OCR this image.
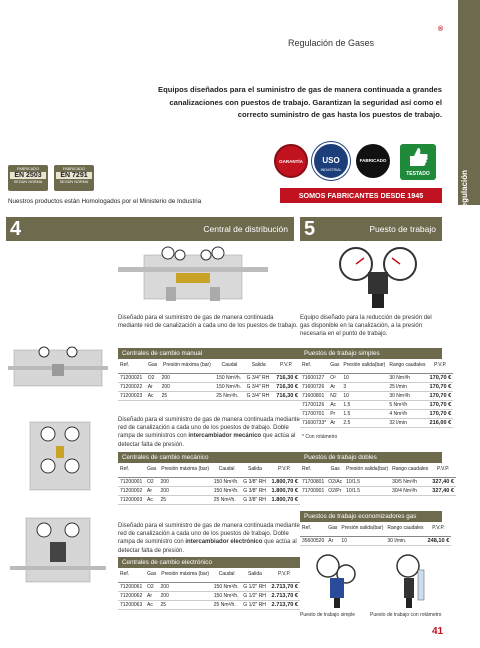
Regulación
®
Regulación de Gases
Equipos diseñados para el suministro de gas de manera continuada a grandes canalizaciones con puestos de trabajo. Garantizan la seguridad así como el correcto suministro de gas hasta los puestos de trabajo.
FABRICADO
EN 2503
SEGÚN NORMAFABRICADO
EN 7291
SEGÚN NORMA
Nuestros productos están Homologados por el Ministerio de Industria
GARANTÍA	USO
INDUSTRIAL
FABRICADO
TESTADO
SOMOS FABRICANTES DESDE 1945
4	Central de distribución 5	Puesto de trabajo
Diseñado para el suministro de gas de manera continuada mediante red de canalización a cada uno de los puestos de trabajo.
Centrales de cambio manual
Ref.	Gas	Presión máxima (bar)	Caudal	Salida	P.V.P.
71200021	O2	200	150 Nm³/h.	G 3/4" RH	716,30 €
71200022	Ar	200	150 Nm³/h.	G 3/4" RH	716,30 €
71200023	Ac	25	25 Nm³/h.	G 3/4" RH	716,30 €
Diseñado para el suministro de gas de manera continuada mediante red de canalización a cada uno de los puestos de trabajo. Doble rampa de suministros con intercambiador mecánico que actúa al detectar falta de presión.
Centrales de cambio mecánico
Ref.	Gas	Presión máxima (bar)	Caudal	Salida	P.V.P.
71200001	O2	200	150 Nm³/h.	G 3/8" RH	1.800,70 €
71200002	Ar	200	150 Nm³/h.	G 3/8" RH	1.800,70 €
71200003	Ac	25	25 Nm³/h.	G 3/8" RH	1.800,70 €
Diseñado para el suministro de gas de manera continuada mediante red de canalización a cada uno de los puestos de trabajo. Doble rampa de suministro con intercambiador electrónico que actúa al detectar falta de presión.
Centrales de cambio electrónico
Ref.	Gas	Presión máxima (bar)	Caudal	Salida	P.V.P.
71200061	O2	200	150 Nm³/h.	G 1/2" RH	2.713,70 €
71200062	Ar	200	150 Nm³/h.	G 1/2" RH	2.713,70 €
71200063	Ac	25	25 Nm³/h.	G 1/2" RH	2.713,70 €
Equipo diseñado para la reducción de presión del gas disponible en la canalización, a la presión necesaria en el punto de trabajo.
Puestos de trabajo simples
Ref.	Gas	Presión salida(bar)	Rango caudales	P.V.P.
71600127	O²	10	30 Nm³/h	170,70 €
71600726	Ar	3	25 l/min	170,70 €
71600801	N2	10	30 Nm³/h	170,70 €
71700126	Ac	1.5	5 Nm³/h	170,70 €
71700701	Pr	1.5	4 Nm³/h	170,70 €
71600733*	Ar	2.5	32 l/min	216,00 €
* Con rotámetro
Puestos de trabajo dobles
Ref.	Gas	Presión salida(bar)	Rango caudales	P.V.P.
71700801	O2/Ac	10/1.5	30/5 Nm³/h	327,40 €
71700901	O2/Pr	10/1.5	30/4 Nm³/h	327,40 €
Puestos de trabajo economizadores gas
Ref.	Gas	Presión salida(bar)	Rango caudales	P.V.P.
35600520	Ar	10	30 l/min.	248,10 €
Puesto de trabajo simple	Puesto de trabajo con rotámetro
41
